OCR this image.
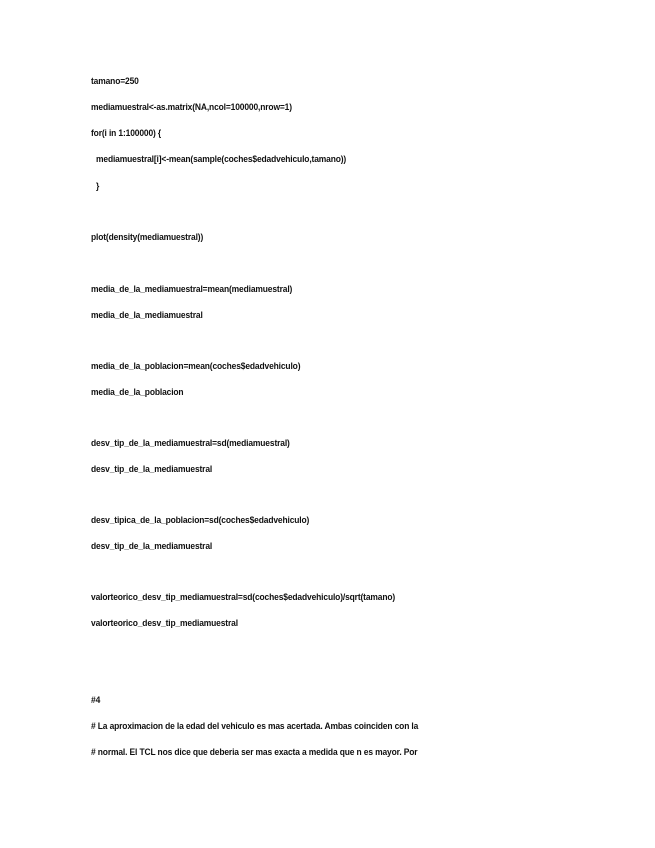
tamano=250
mediamuestral<-as.matrix(NA,ncol=100000,nrow=1)
for(i in 1:100000) {
mediamuestral[i]<-mean(sample(coches$edadvehiculo,tamano))
}
plot(density(mediamuestral))
media_de_la_mediamuestral=mean(mediamuestral)
media_de_la_mediamuestral
media_de_la_poblacion=mean(coches$edadvehiculo)
media_de_la_poblacion
desv_tip_de_la_mediamuestral=sd(mediamuestral)
desv_tip_de_la_mediamuestral
desv_tipica_de_la_poblacion=sd(coches$edadvehiculo)
desv_tip_de_la_mediamuestral
valorteorico_desv_tip_mediamuestral=sd(coches$edadvehiculo)/sqrt(tamano)
valorteorico_desv_tip_mediamuestral
#4
# La aproximacion de la edad del vehiculo es mas acertada. Ambas coinciden con la
# normal. El TCL nos dice que deberia ser mas exacta a medida que n es mayor. Por
